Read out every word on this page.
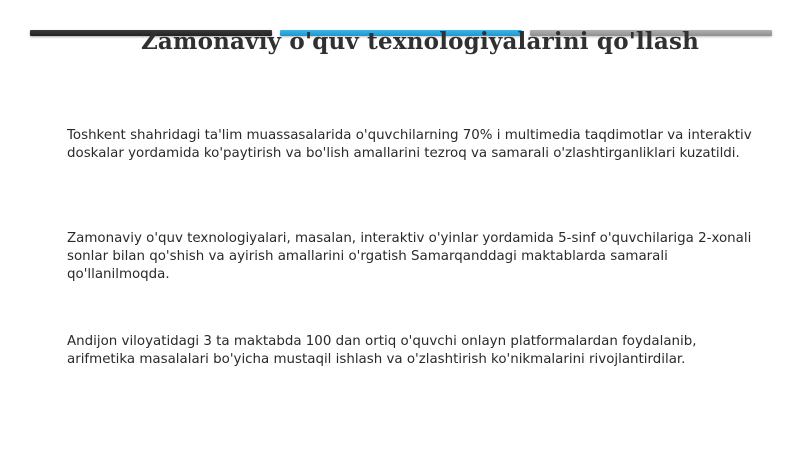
Zamonaviy o'quv texnologiyalarini qo'llash

Toshkent shahridagi ta'lim muassasalarida o'quvchilarning 70% i multimedia taqdimotlar va interaktiv doskalar yordamida ko'paytirish va bo'lish amallarini tezroq va samarali o'zlashtirganliklari kuzatildi.

Zamonaviy o'quv texnologiyalari, masalan, interaktiv o'yinlar yordamida 5-sinf o'quvchilariga 2-xonali sonlar bilan qo'shish va ayirish amallarini o'rgatish Samarqanddagi maktablarda samarali qo'llanilmoqda.

Andijon viloyatidagi 3 ta maktabda 100 dan ortiq o'quvchi onlayn platformalardan foydalanib, arifmetika masalalari bo'yicha mustaqil ishlash va o'zlashtirish ko'nikmalarini rivojlantirdilar.
